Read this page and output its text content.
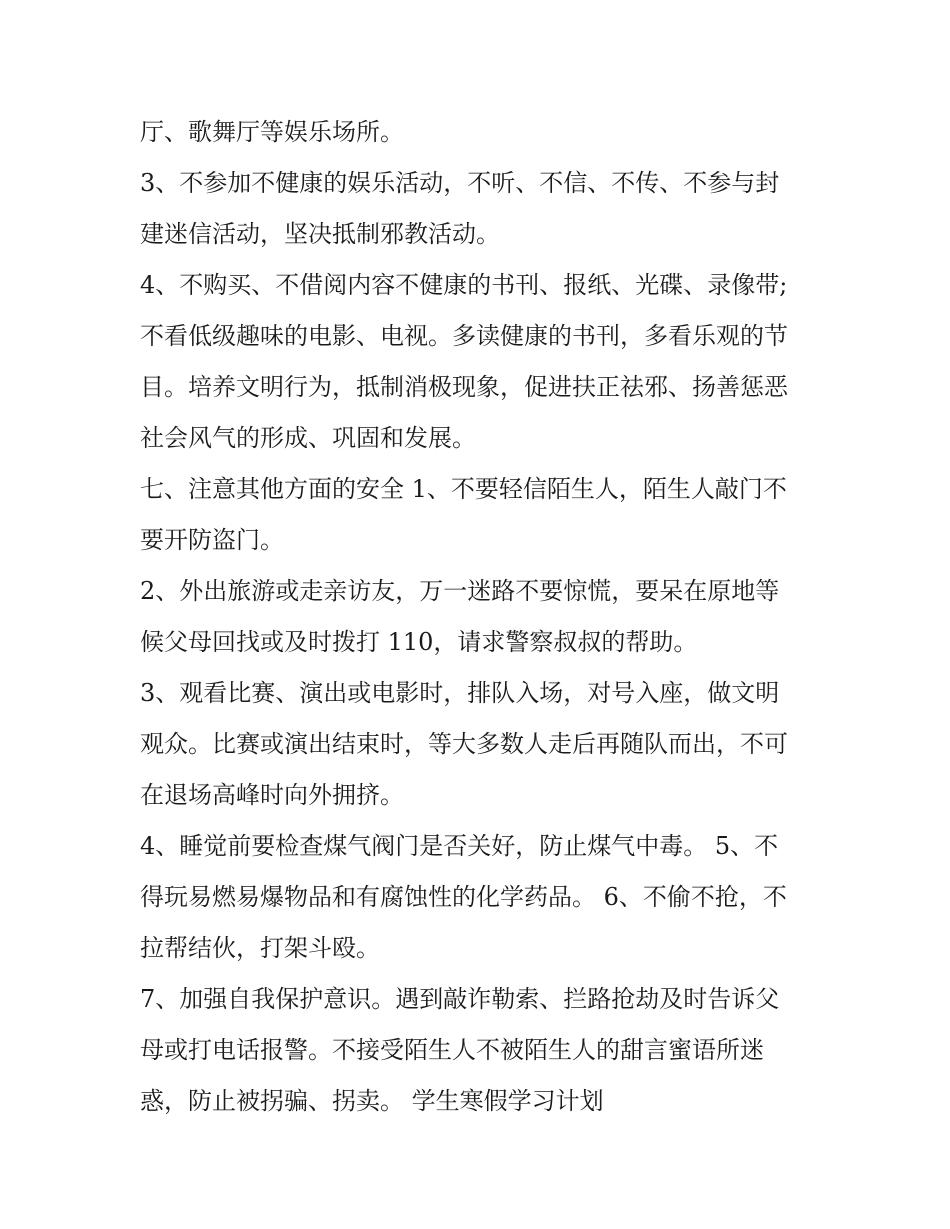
厅、歌舞厅等娱乐场所。
3、不参加不健康的娱乐活动，不听、不信、不传、不参与封
建迷信活动，坚决抵制邪教活动。
4、不购买、不借阅内容不健康的书刊、报纸、光碟、录像带;
不看低级趣味的电影、电视。多读健康的书刊，多看乐观的节
目。培养文明行为，抵制消极现象，促进扶正祛邪、扬善惩恶
社会风气的形成、巩固和发展。
七、注意其他方面的安全 1、不要轻信陌生人，陌生人敲门不
要开防盗门。
2、外出旅游或走亲访友，万一迷路不要惊慌，要呆在原地等
候父母回找或及时拨打 110，请求警察叔叔的帮助。
3、观看比赛、演出或电影时，排队入场，对号入座，做文明
观众。比赛或演出结束时，等大多数人走后再随队而出，不可
在退场高峰时向外拥挤。
4、睡觉前要检查煤气阀门是否关好，防止煤气中毒。 5、不
得玩易燃易爆物品和有腐蚀性的化学药品。 6、不偷不抢，不
拉帮结伙，打架斗殴。
7、加强自我保护意识。遇到敲诈勒索、拦路抢劫及时告诉父
母或打电话报警。不接受陌生人不被陌生人的甜言蜜语所迷
惑，防止被拐骗、拐卖。 学生寒假学习计划
